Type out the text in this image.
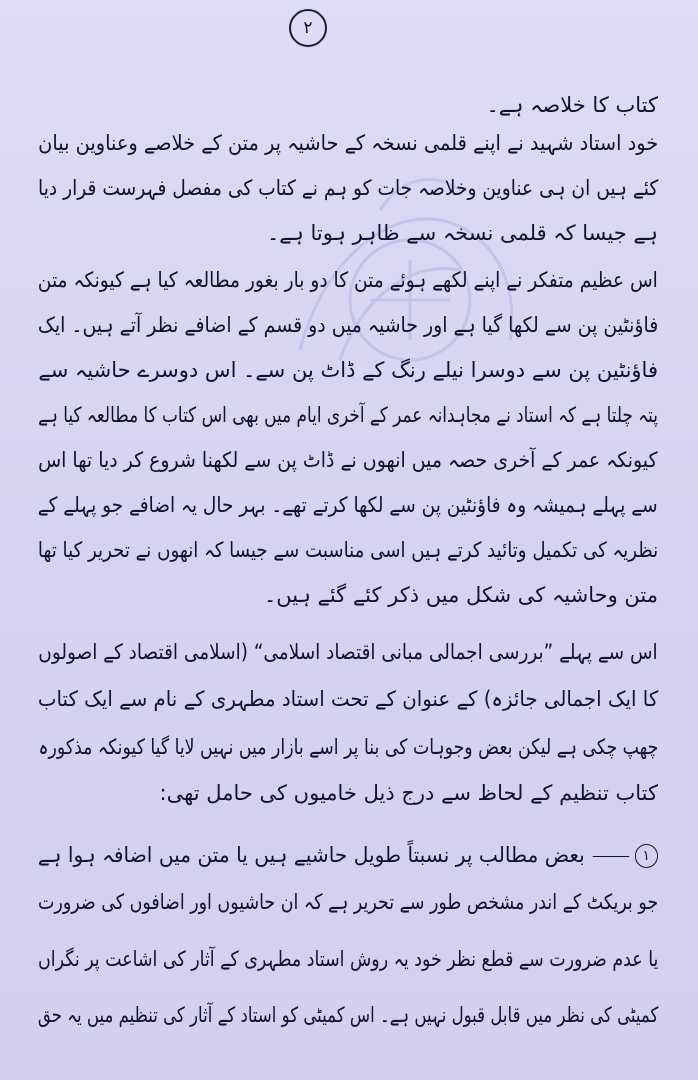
۲
کتاب کا خلاصہ ہے۔
خود استاد شہید نے اپنے قلمی نسخہ کے حاشیہ پر متن کے خلاصے وعناوین بیان
کئے ہیں ان ہی عناوین وخلاصہ جات کو ہم نے کتاب کی مفصل فہرست قرار دیا
ہے جیسا کہ قلمی نسخہ سے ظاہر ہوتا ہے۔
اس عظیم متفکر نے اپنے لکھے ہوئے متن کا دو بار بغور مطالعہ کیا ہے کیونکہ متن
فاؤنٹین پن سے لکھا گیا ہے اور حاشیہ میں دو قسم کے اضافے نظر آتے ہیں۔ ایک
فاؤنٹین پن سے دوسرا نیلے رنگ کے ڈاٹ پن سے۔ اس دوسرے حاشیہ سے
پتہ چلتا ہے کہ استاد نے مجاہدانہ عمر کے آخری ایام میں بھی اس کتاب کا مطالعہ کیا ہے
کیونکہ عمر کے آخری حصہ میں انھوں نے ڈاٹ پن سے لکھنا شروع کر دیا تھا اس
سے پہلے ہمیشہ وہ فاؤنٹین پن سے لکھا کرتے تھے۔ بہر حال یہ اضافے جو پہلے کے
نظریہ کی تکمیل وتائید کرتے ہیں اسی مناسبت سے جیسا کہ انھوں نے تحریر کیا تھا
متن وحاشیہ کی شکل میں ذکر کئے گئے ہیں۔
اس سے پہلے ”بررسی اجمالی مبانی اقتصاد اسلامی“ (اسلامی اقتصاد کے اصولوں
کا ایک اجمالی جائزہ) کے عنوان کے تحت استاد مطہری کے نام سے ایک کتاب
چھپ چکی ہے لیکن بعض وجوہات کی بنا پر اسے بازار میں نہیں لایا گیا کیونکہ مذکورہ
کتاب تنظیم کے لحاظ سے درج ذیل خامیوں کی حامل تھی:
۱بعض مطالب پر نسبتاً طویل حاشیے ہیں یا متن میں اضافہ ہوا ہے
جو بریکٹ کے اندر مشخص طور سے تحریر ہے کہ ان حاشیوں اور اضافوں کی ضرورت
یا عدم ضرورت سے قطع نظر خود یہ روش استاد مطہری کے آثار کی اشاعت پر نگراں
کمیٹی کی نظر میں قابل قبول نہیں ہے۔ اس کمیٹی کو استاد کے آثار کی تنظیم میں یہ حق
